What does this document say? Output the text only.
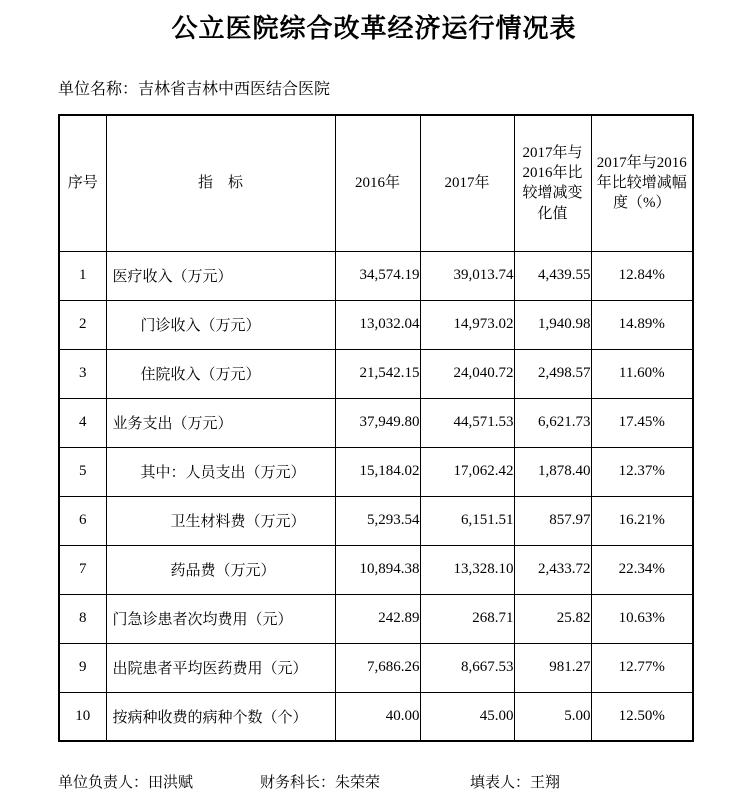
公立医院综合改革经济运行情况表
单位名称：吉林省吉林中西医结合医院
序号	指　标	2016年	2017年	2017年与2016年比较增减变化值	2017年与2016年比较增减幅度（%）
1	医疗收入（万元）	34,574.19	39,013.74	4,439.55	12.84%
2	门诊收入（万元）	13,032.04	14,973.02	1,940.98	14.89%
3	住院收入（万元）	21,542.15	24,040.72	2,498.57	11.60%
4	业务支出（万元）	37,949.80	44,571.53	6,621.73	17.45%
5	其中：人员支出（万元）	15,184.02	17,062.42	1,878.40	12.37%
6	卫生材料费（万元）	5,293.54	6,151.51	857.97	16.21%
7	药品费（万元）	10,894.38	13,328.10	2,433.72	22.34%
8	门急诊患者次均费用（元）	242.89	268.71	25.82	10.63%
9	出院患者平均医药费用（元）	7,686.26	8,667.53	981.27	12.77%
10	按病种收费的病种个数（个）	40.00	45.00	5.00	12.50%
单位负责人：田洪赋	财务科长：朱荣荣	填表人：王翔
